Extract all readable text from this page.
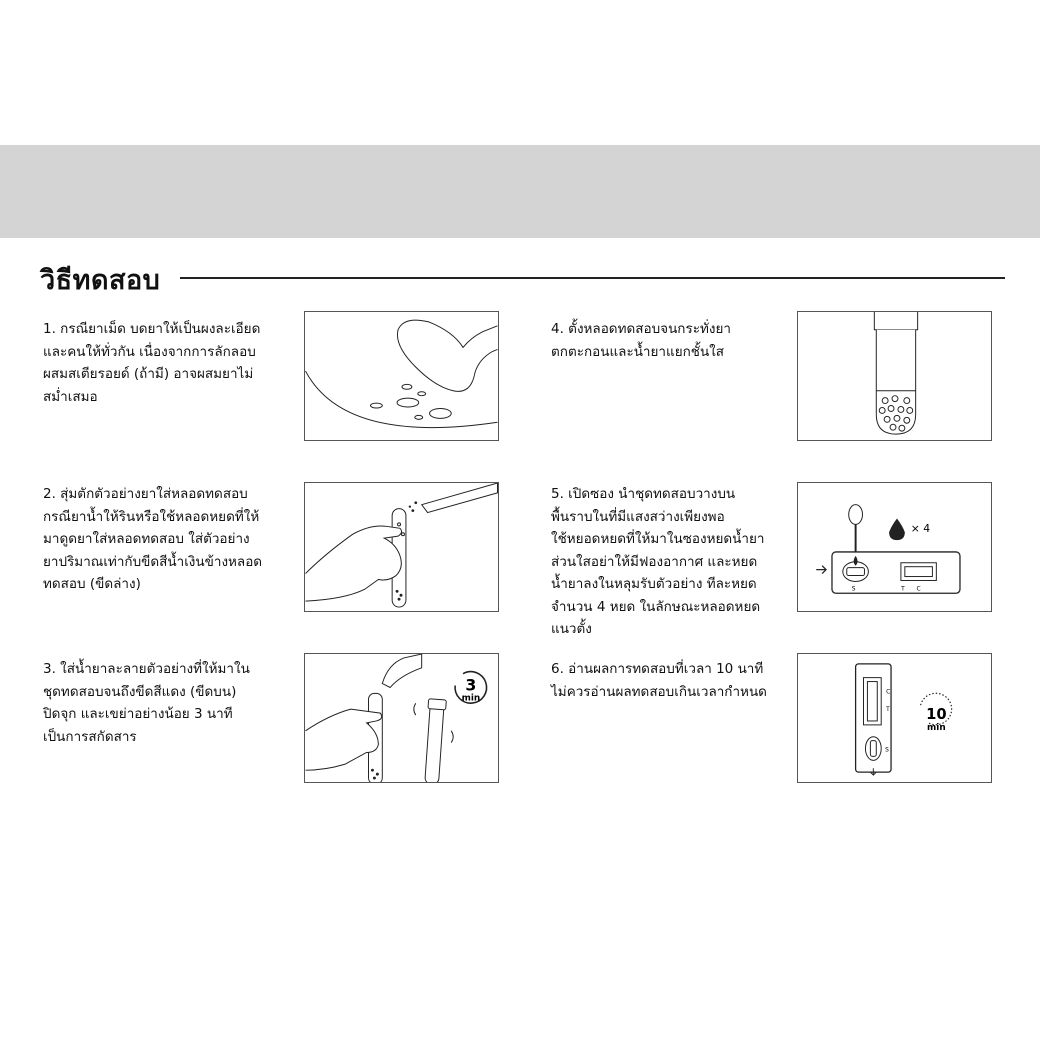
วิธีทดสอบ

1. กรณียาเม็ด บดยาให้เป็นผงละเอียด
และคนให้ทั่วกัน เนื่องจากการลักลอบ
ผสมสเตียรอยด์ (ถ้ามี) อาจผสมยาไม่
สม่ำเสมอ

2. สุ่มตักตัวอย่างยาใส่หลอดทดสอบ
กรณียาน้ำให้รินหรือใช้หลอดหยดที่ให้
มาดูดยาใส่หลอดทดสอบ ใส่ตัวอย่าง
ยาปริมาณเท่ากับขีดสีน้ำเงินข้างหลอด
ทดสอบ (ขีดล่าง)

3. ใส่น้ำยาละลายตัวอย่างที่ให้มาใน
ชุดทดสอบจนถึงขีดสีแดง (ขีดบน)
ปิดจุก และเขย่าอย่างน้อย 3 นาที
เป็นการสกัดสาร

3
min

4. ตั้งหลอดทดสอบจนกระทั่งยา
ตกตะกอนและน้ำยาแยกชั้นใส

5. เปิดซอง นำชุดทดสอบวางบน
พื้นราบในที่มีแสงสว่างเพียงพอ
ใช้หยอดหยดที่ให้มาในซองหยดน้ำยา
ส่วนใสอย่าให้มีฟองอากาศ และหยด
น้ำยาลงในหลุมรับตัวอย่าง ทีละหยด
จำนวน 4 หยด ในลักษณะหลอดหยด
แนวตั้ง

× 4
S	T C

6. อ่านผลการทดสอบที่เวลา 10 นาที
ไม่ควรอ่านผลทดสอบเกินเวลากำหนด	C
T
S
10
min
